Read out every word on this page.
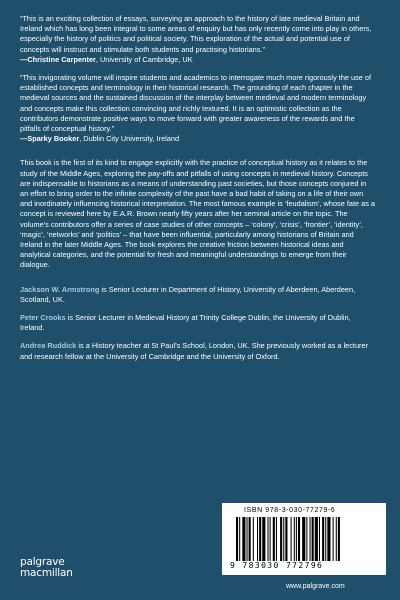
“This is an exciting collection of essays, surveying an approach to the history of late medieval Britain and Ireland which has long been integral to some areas of enquiry but has only recently come into play in others, especially the history of politics and political society. This exploration of the actual and potential use of concepts will instruct and stimulate both students and practising historians.”

—Christine Carpenter, University of Cambridge, UK

“This invigorating volume will inspire students and academics to interrogate much more rigorously the use of established concepts and terminology in their historical research. The grounding of each chapter in the medieval sources and the sustained discussion of the interplay between medieval and modern terminology and concepts make this collection convincing and richly textured. It is an optimistic collection as the contributors demonstrate positive ways to move forward with greater awareness of the rewards and the pitfalls of conceptual history.”

—Sparky Booker, Dublin City University, Ireland

This book is the first of its kind to engage explicitly with the practice of conceptual history as it relates to the study of the Middle Ages, exploring the pay-offs and pitfalls of using concepts in medieval history. Concepts are indispensable to historians as a means of understanding past societies, but those concepts conjured in an effort to bring order to the infinite complexity of the past have a bad habit of taking on a life of their own and inordinately influencing historical interpretation. The most famous example is ‘feudalism’, whose fate as a concept is reviewed here by E.A.R. Brown nearly fifty years after her seminal article on the topic. The volume’s contributors offer a series of case studies of other concepts – ‘colony’, ‘crisis’, ‘frontier’, ‘identity’, ‘magic’, ‘networks’ and ‘politics’ – that have been influential, particularly among historians of Britain and Ireland in the later Middle Ages. The book explores the creative friction between historical ideas and analytical categories, and the potential for fresh and meaningful understandings to emerge from their dialogue.

Jackson W. Armstrong is Senior Lecturer in Department of History, University of Aberdeen, Aberdeen, Scotland, UK.

Peter Crooks is Senior Lecturer in Medieval History at Trinity College Dublin, the University of Dublin, Ireland.

Andrea Ruddick is a History teacher at St Paul’s School, London, UK. She previously worked as a lecturer and research fellow at the University of Cambridge and the University of Oxford.

palgrave
macmillan
ISBN 978-3-030-77279-6
9 783030 772796
www.palgrave.com
